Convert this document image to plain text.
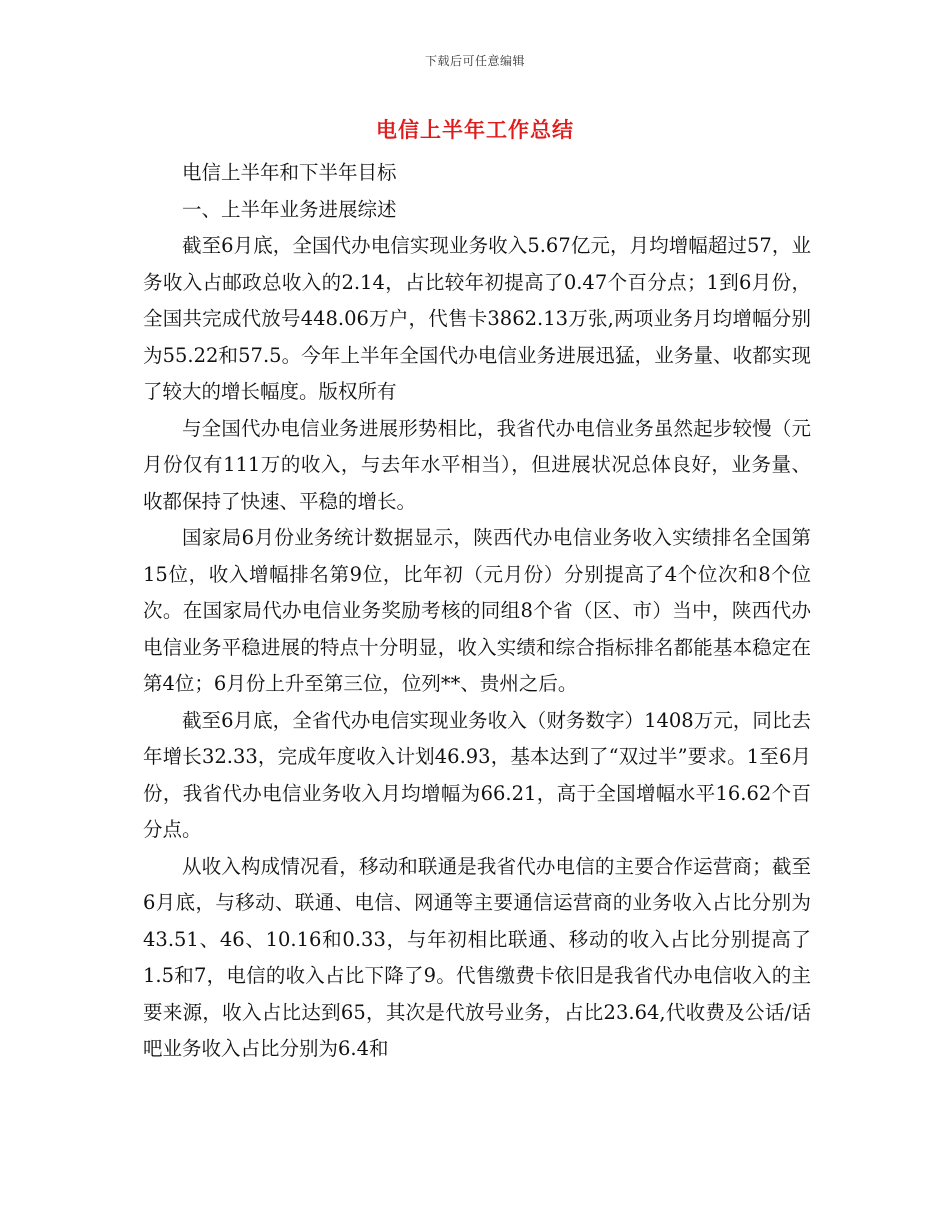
下载后可任意编辑
电信上半年工作总结

电信上半年和下半年目标

一、上半年业务进展综述

截至6月底，全国代办电信实现业务收入5.67亿元，月均增幅超过57，业务收入占邮政总收入的2.14，占比较年初提高了0.47个百分点；1到6月份，全国共完成代放号448.06万户，代售卡3862.13万张,两项业务月均增幅分别为55.22和57.5。今年上半年全国代办电信业务进展迅猛，业务量、收都实现了较大的增长幅度。版权所有

与全国代办电信业务进展形势相比，我省代办电信业务虽然起步较慢（元月份仅有111万的收入，与去年水平相当），但进展状况总体良好，业务量、收都保持了快速、平稳的增长。

国家局6月份业务统计数据显示，陕西代办电信业务收入实绩排名全国第15位，收入增幅排名第9位，比年初（元月份）分别提高了4个位次和8个位次。在国家局代办电信业务奖励考核的同组8个省（区、市）当中，陕西代办电信业务平稳进展的特点十分明显，收入实绩和综合指标排名都能基本稳定在第4位；6月份上升至第三位，位列**、贵州之后。

截至6月底，全省代办电信实现业务收入（财务数字）1408万元，同比去年增长32.33，完成年度收入计划46.93，基本达到了“双过半”要求。1至6月份，我省代办电信业务收入月均增幅为66.21，高于全国增幅水平16.62个百分点。

从收入构成情况看，移动和联通是我省代办电信的主要合作运营商；截至6月底，与移动、联通、电信、网通等主要通信运营商的业务收入占比分别为43.51、46、10.16和0.33，与年初相比联通、移动的收入占比分别提高了1.5和7，电信的收入占比下降了9。代售缴费卡依旧是我省代办电信收入的主要来源，收入占比达到65，其次是代放号业务，占比23.64,代收费及公话/话吧业务收入占比分别为6.4和
